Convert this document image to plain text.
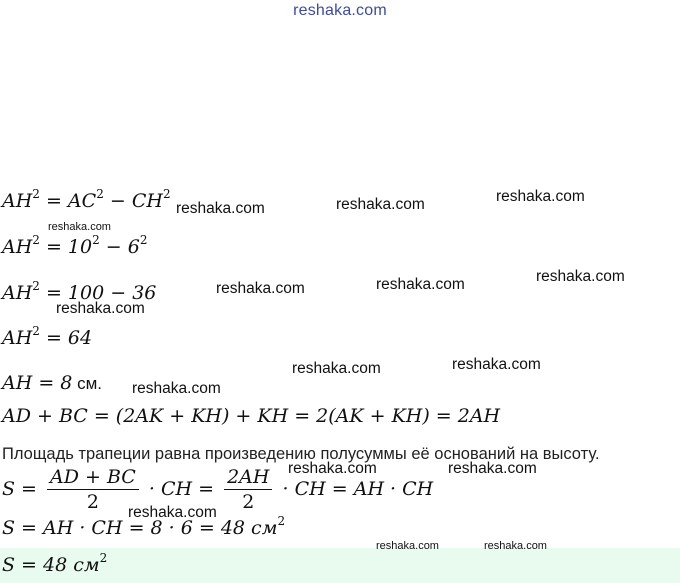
reshaka.com
$AH^2 = AC^2 - CH^2$
$AH^2 = 10^2 - 6^2$
$AH^2 = 100 - 36$
$AH^2 = 64$
AH = 8 см.
AD + BC = (2AK + KH) + KH = 2(AK + KH) = 2AH
Площадь трапеции равна произведению полусуммы её оснований на высоту.
$S = \frac{AD + BC}{2}$ · CH = $\frac{2AH}{2}$ · CH = AH · CH
S = AH · CH = 8 · 6 = 48 $см^2$
S = 48 $см^2$
reshaka.com	reshaka.com	reshaka.com
reshaka.com
reshaka.com	reshaka.com	reshaka.com
reshaka.com
reshaka.com	reshaka.com
reshaka.com
reshaka.com	reshaka.com
reshaka.com
reshaka.com	reshaka.com
